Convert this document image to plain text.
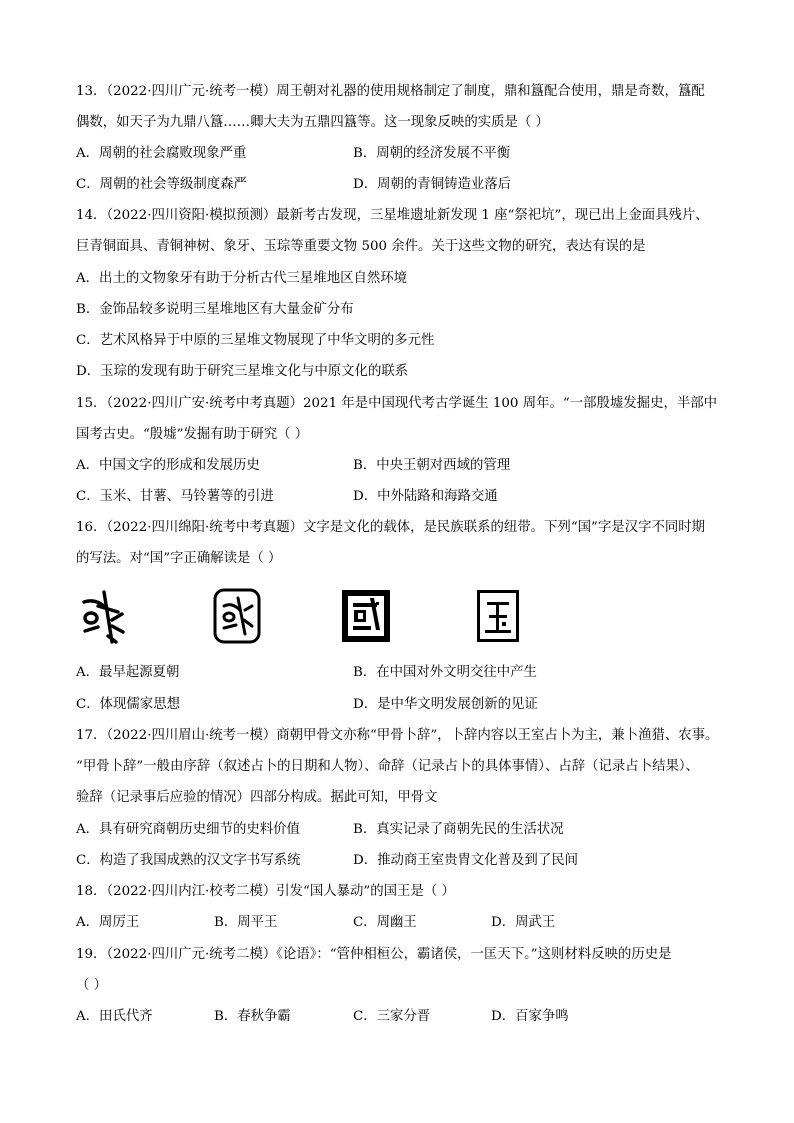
13．（2022·四川广元·统考一模）周王朝对礼器的使用规格制定了制度，鼎和簋配合使用，鼎是奇数，簋配
偶数，如天子为九鼎八簋……卿大夫为五鼎四簋等。这一现象反映的实质是（ ）
A．周朝的社会腐败现象严重	B．周朝的经济发展不平衡
C．周朝的社会等级制度森严	D．周朝的青铜铸造业落后
14．（2022·四川资阳·模拟预测）最新考古发现，三星堆遗址新发现 1 座“祭祀坑”，现已出上金面具残片、
巨青铜面具、青铜神树、象牙、玉琮等重要文物 500 余件。关于这些文物的研究，表达有误的是
A．出土的文物象牙有助于分析古代三星堆地区自然环境
B．金饰品较多说明三星堆地区有大量金矿分布
C．艺术风格异于中原的三星堆文物展现了中华文明的多元性
D．玉琮的发现有助于研究三星堆文化与中原文化的联系
15．（2022·四川广安·统考中考真题）2021 年是中国现代考古学诞生 100 周年。“一部殷墟发掘史，半部中
国考古史。“殷墟”发掘有助于研究（ ）
A．中国文字的形成和发展历史	B．中央王朝对西域的管理
C．玉米、甘薯、马铃薯等的引进	D．中外陆路和海路交通
16．（2022·四川绵阳·统考中考真题）文字是文化的载体，是民族联系的纽带。下列“国”字是汉字不同时期
的写法。对“国”字正确解读是（ ）
A．最早起源夏朝	B．在中国对外文明交往中产生
C．体现儒家思想	D．是中华文明发展创新的见证
17．（2022·四川眉山·统考一模）商朝甲骨文亦称“甲骨卜辞”，卜辞内容以王室占卜为主，兼卜渔猎、农事。
“甲骨卜辞”一般由序辞（叙述占卜的日期和人物）、命辞（记录占卜的具体事情）、占辞（记录占卜结果）、
验辞（记录事后应验的情况）四部分构成。据此可知，甲骨文
A．具有研究商朝历史细节的史料价值	B．真实记录了商朝先民的生活状况
C．构造了我国成熟的汉文字书写系统	D．推动商王室贵胄文化普及到了民间
18．（2022·四川内江·校考二模）引发“国人暴动”的国王是（ ）
A．周厉王	B．周平王	C．周幽王	D．周武王
19．（2022·四川广元·统考二模）《论语》：“管仲相桓公，霸诸侯，一匡天下。”这则材料反映的历史是
（ ）
A．田氏代齐	B．春秋争霸	C．三家分晋	D．百家争鸣
